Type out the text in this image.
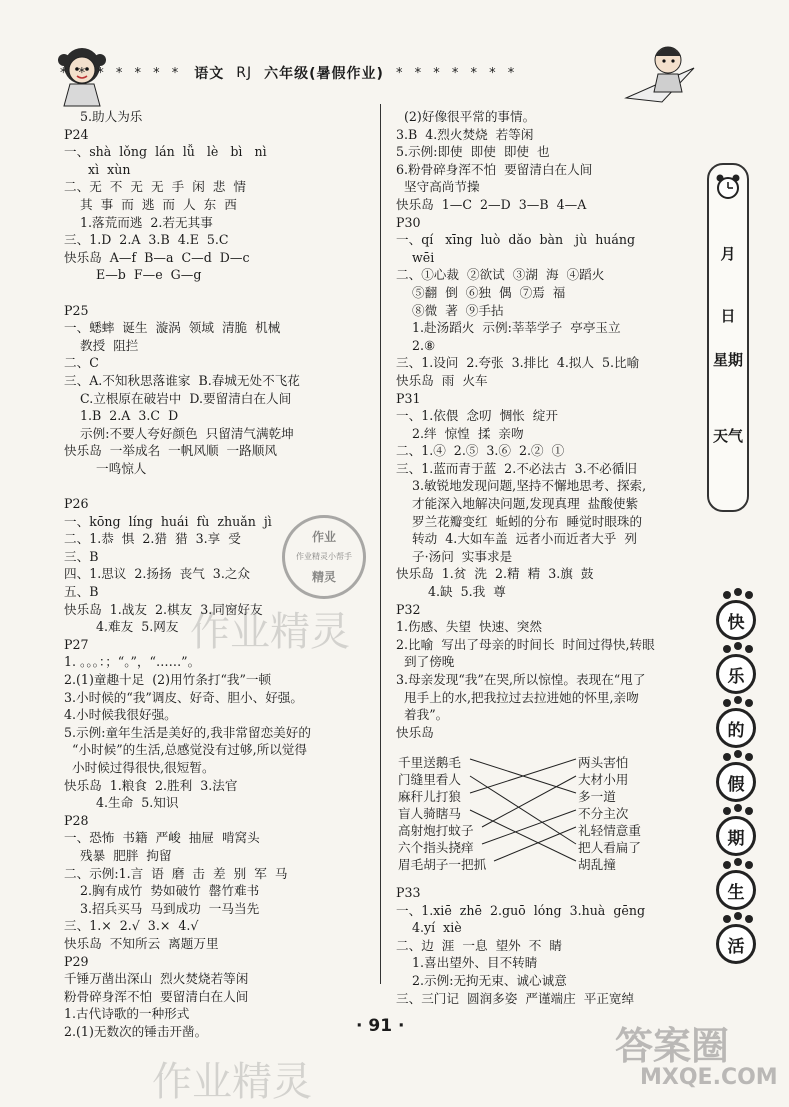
* * * * * * * 语文 RJ 六年级(暑假作业) * * * * * * *
5.助人为乐
P24
一、shà  lǒng  lán  lǚ   lè   bì   nì
xì  xùn
二、无  不  无  无  手  闲  悲  情
其  事  而  逃  而  人  东  西
1.落荒而逃  2.若无其事
三、1.D  2.A  3.B  4.E  5.C
快乐岛  A—f  B—a  C—d  D—c
E—b  F—e  G—g
P25
一、蟋蟀  诞生  漩涡  领域  清脆  机械
教授  阻拦
二、C
三、A.不知秋思落谁家  B.春城无处不飞花
C.立根原在破岩中  D.要留清白在人间
1.B  2.A  3.C  D
示例:不要人夸好颜色  只留清气满乾坤
快乐岛  一举成名  一帆风顺  一路顺风
一鸣惊人
P26
一、kōng  líng  huái  fù  zhuǎn  jì
二、1.恭  惧  2.猎  猎  3.享  受
三、B
四、1.思议  2.扬扬  丧气  3.之众
五、B
快乐岛  1.战友  2.棋友  3.同窗好友
4.难友  5.网友
P27
1. 。。。：；“。”，“……”。
2.(1)童趣十足  (2)用竹条打“我”一顿
3.小时候的“我”调皮、好奇、胆小、好强。
4.小时候我很好强。
5.示例:童年生活是美好的,我非常留恋美好的
“小时候”的生活,总感觉没有过够,所以觉得
小时候过得很快,很短暂。
快乐岛  1.粮食  2.胜利  3.法官
4.生命  5.知识
P28
一、恐怖  书籍  严峻  抽屉  啃窝头
残暴  肥胖  拘留
二、示例:1.言  语  磨  击  差  别  军  马
2.胸有成竹  势如破竹  罄竹难书
3.招兵买马  马到成功  一马当先
三、1.×  2.√  3.×  4.√
快乐岛  不知所云  离题万里
P29
千锤万凿出深山  烈火焚烧若等闲
粉骨碎身浑不怕  要留清白在人间
1.古代诗歌的一种形式
2.(1)无数次的锤击开凿。
(2)好像很平常的事情。
3.B  4.烈火焚烧  若等闲
5.示例:即使  即使  即使  也
6.粉骨碎身浑不怕  要留清白在人间
坚守高尚节操
快乐岛  1—C  2—D  3—B  4—A
P30
一、qí   xīng  luò  dǎo  bàn   jù  huáng
wēi
二、①心裁  ②欲试  ③湖  海  ④蹈火
⑤翻  倒  ⑥独  偶  ⑦焉  福
⑧微  著  ⑨手拈
1.赴汤蹈火  示例:莘莘学子  亭亭玉立
2.⑧
三、1.设问  2.夸张  3.排比  4.拟人  5.比喻
快乐岛  雨  火车
P31
一、1.依偎  念叨  惆怅  绽开
2.绊  惊惶  揉  亲吻
二、1.④  2.⑤  3.⑥  2.②  ①
三、1.蓝而青于蓝  2.不必法古  3.不必循旧
3.敏锐地发现问题,坚持不懈地思考、探索,
才能深入地解决问题,发现真理  盐酸使紫
罗兰花瓣变红  蚯蚓的分布  睡觉时眼珠的
转动  4.大如车盖  远者小而近者大乎  列
子·汤问  实事求是
快乐岛  1.贫  洗  2.精  精  3.旗  鼓
4.缺  5.我  尊
P32
1.伤感、失望  快速、突然
2.比喻  写出了母亲的时间长  时间过得快,转眼
到了傍晚
3.母亲发现“我”在哭,所以惊惶。表现在“甩了
甩手上的水,把我拉过去拉进她的怀里,亲吻
着我”。
快乐岛
千里送鹅毛
门缝里看人
麻秆儿打狼
盲人骑瞎马
高射炮打蚊子
六个指头挠痒
眉毛胡子一把抓
两头害怕
大材小用
多一道
不分主次
礼轻情意重
把人看扁了
胡乱撞
P33
一、1.xiē  zhē  2.guō  lóng  3.huà  gēng
4.yí  xiè
二、边  涯  一息  望外  不  睛
1.喜出望外、目不转睛
2.示例:无拘无束、诚心诚意
三、三门记  圆润多姿  严谨端庄  平正宽绰
月
日
星期
天气
快
乐
的
假
期
生
活
作业
作业精灵小帮手
精灵
作业精灵
作业精灵
答案圈
MXQE.COM
· 91 ·
